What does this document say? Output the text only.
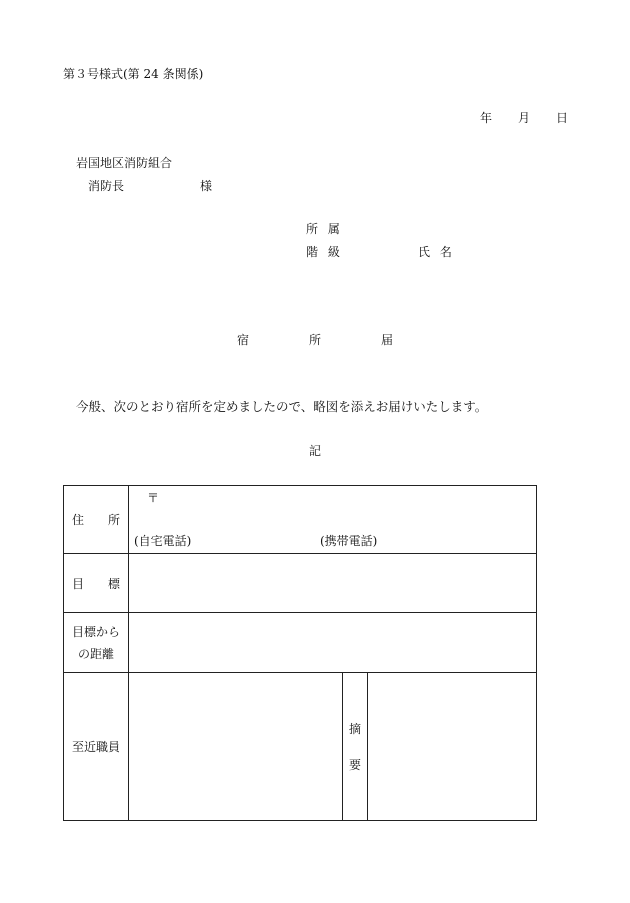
第３号様式(第 24 条関係)
年 月 日
岩国地区消防組合
消防長	様
所 属
階 級	氏 名
宿	所	届
今般、次のとおり宿所を定めましたので、略図を添えお届けいたします。
記
住 所	〒
(自宅電話) (携帯電話)		

目 標			

目標から
の距離			

至近職員		摘
要	
